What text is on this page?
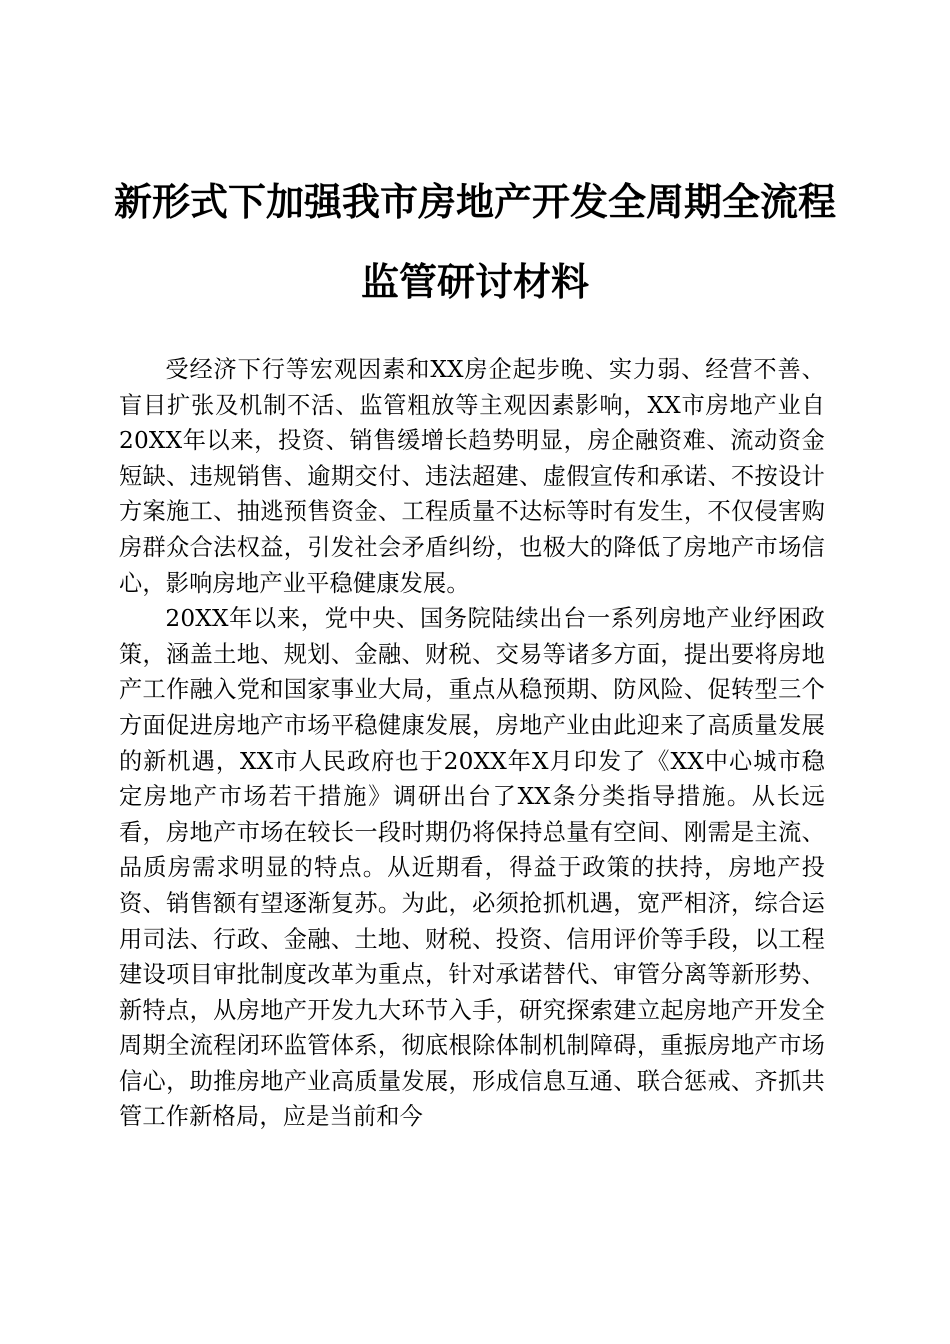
新形式下加强我市房地产开发全周期全流程监管研讨材料

受经济下行等宏观因素和XX房企起步晚、实力弱、经营不善、盲目扩张及机制不活、监管粗放等主观因素影响，XX市房地产业自20XX年以来，投资、销售缓增长趋势明显，房企融资难、流动资金短缺、违规销售、逾期交付、违法超建、虚假宣传和承诺、不按设计方案施工、抽逃预售资金、工程质量不达标等时有发生，不仅侵害购房群众合法权益，引发社会矛盾纠纷，也极大的降低了房地产市场信心，影响房地产业平稳健康发展。

20XX年以来，党中央、国务院陆续出台一系列房地产业纾困政策，涵盖土地、规划、金融、财税、交易等诸多方面，提出要将房地产工作融入党和国家事业大局，重点从稳预期、防风险、促转型三个方面促进房地产市场平稳健康发展，房地产业由此迎来了高质量发展的新机遇，XX市人民政府也于20XX年X月印发了《XX中心城市稳定房地产市场若干措施》调研出台了XX条分类指导措施。从长远看，房地产市场在较长一段时期仍将保持总量有空间、刚需是主流、品质房需求明显的特点。从近期看，得益于政策的扶持，房地产投资、销售额有望逐渐复苏。为此，必须抢抓机遇，宽严相济，综合运用司法、行政、金融、土地、财税、投资、信用评价等手段，以工程建设项目审批制度改革为重点，针对承诺替代、审管分离等新形势、新特点，从房地产开发九大环节入手，研究探索建立起房地产开发全周期全流程闭环监管体系，彻底根除体制机制障碍，重振房地产市场信心，助推房地产业高质量发展，形成信息互通、联合惩戒、齐抓共管工作新格局，应是当前和今
